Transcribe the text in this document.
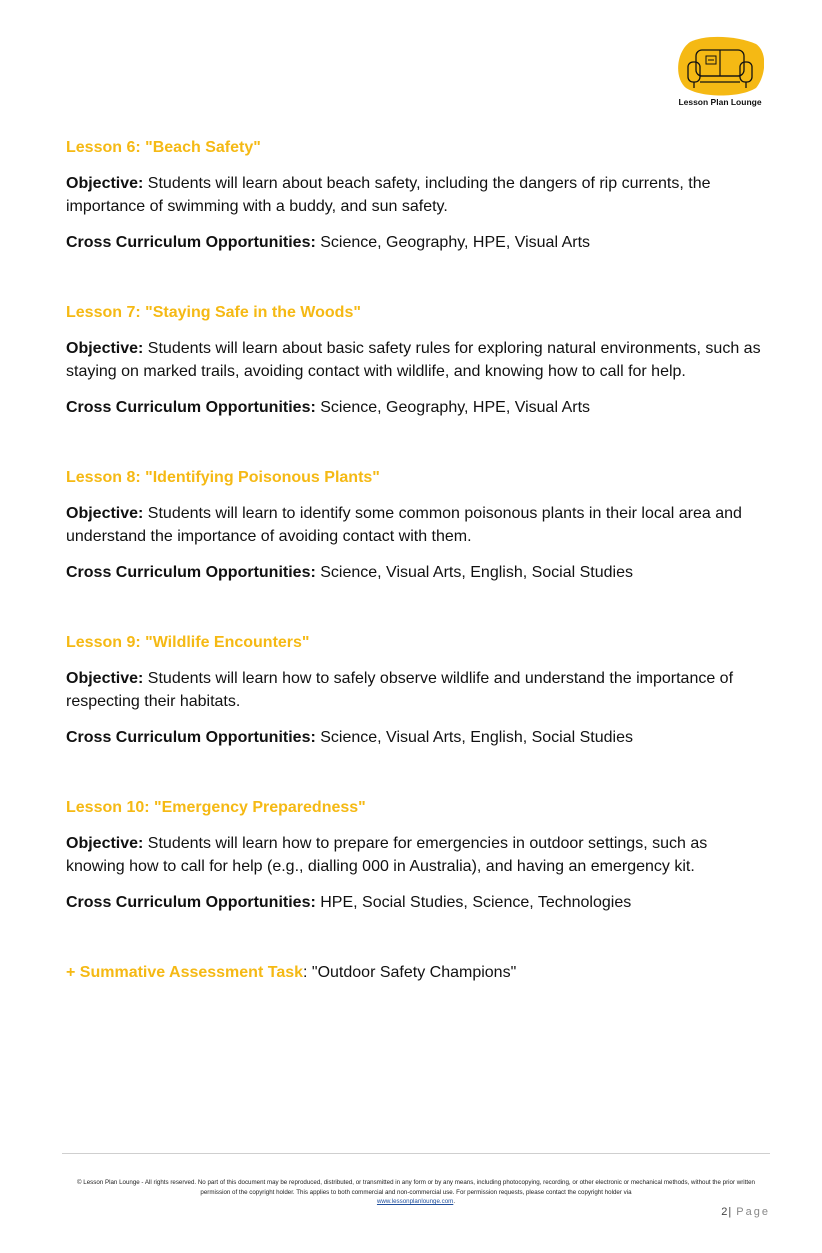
Lesson Plan Lounge
Lesson 6: "Beach Safety"

Objective: Students will learn about beach safety, including the dangers of rip currents, the importance of swimming with a buddy, and sun safety.

Cross Curriculum Opportunities: Science, Geography, HPE, Visual Arts

Lesson 7: "Staying Safe in the Woods"

Objective: Students will learn about basic safety rules for exploring natural environments, such as staying on marked trails, avoiding contact with wildlife, and knowing how to call for help.

Cross Curriculum Opportunities: Science, Geography, HPE, Visual Arts

Lesson 8: "Identifying Poisonous Plants"

Objective: Students will learn to identify some common poisonous plants in their local area and understand the importance of avoiding contact with them.

Cross Curriculum Opportunities: Science, Visual Arts, English, Social Studies

Lesson 9: "Wildlife Encounters"

Objective: Students will learn how to safely observe wildlife and understand the importance of respecting their habitats.

Cross Curriculum Opportunities: Science, Visual Arts, English, Social Studies

Lesson 10: "Emergency Preparedness"

Objective: Students will learn how to prepare for emergencies in outdoor settings, such as knowing how to call for help (e.g., dialling 000 in Australia), and having an emergency kit.

Cross Curriculum Opportunities: HPE, Social Studies, Science, Technologies

+ Summative Assessment Task: "Outdoor Safety Champions"
© Lesson Plan Lounge - All rights reserved. No part of this document may be reproduced, distributed, or transmitted in any form or by any means, including photocopying, recording, or other electronic or mechanical methods, without the prior written permission of the copyright holder. This applies to both commercial and non-commercial use. For permission requests, please contact the copyright holder via
www.lessonplanlounge.com.
2| Page
